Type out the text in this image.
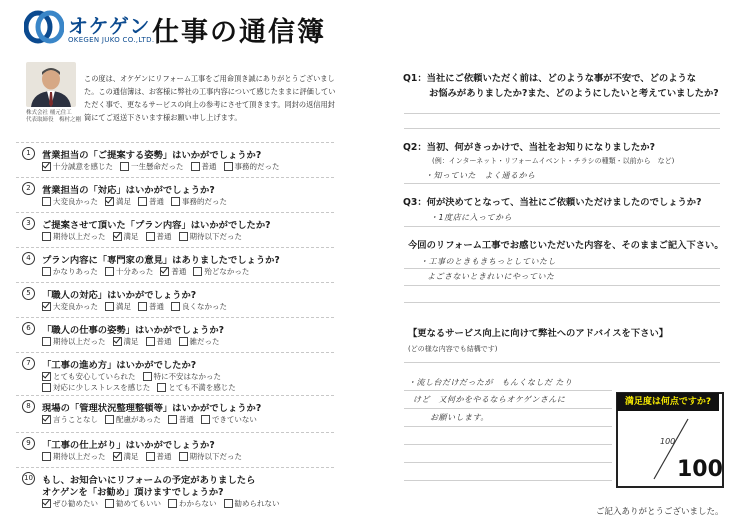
オケゲン
OKEGEN JUKO CO.,LTD.
仕事の通信簿
株式会社 桶元住工
代表取締役　梅村之剛
この度は、オケゲンにリフォーム工事をご用命頂き誠にありがとうございました。この通信簿は、お客様に弊社の工事内容について感じたままに評価していただく事で、更なるサービスの向上の参考にさせて頂きます。同封の返信用封筒にてご返送下さいます様お願い申し上げます。
1	営業担当の「ご提案する姿勢」はいかがでしょうか?
十分誠意を感じた 一生懸命だった 普通 事務的だった
2	営業担当の「対応」はいかがでしょうか?
大変良かった 満足 普通 事務的だった
3	ご提案させて頂いた「プラン内容」はいかがでしたか?
期待以上だった 満足 普通 期待以下だった
4	プラン内容に「専門家の意見」はありましたでしょうか?
かなりあった 十分あった 普通 殆どなかった
5	「職人の対応」はいかがでしょうか?
大変良かった 満足 普通 良くなかった
6	「職人の仕事の姿勢」はいかがでしょうか?
期待以上だった 満足 普通 雑だった
7	「工事の進め方」はいかがでしたか?
とても安心していられた 特に不安はなかった
対応に少しストレスを感じた とても不満を感じた
8	現場の「管理状況整理整頓等」はいかがでしょうか?
言うことなし 配慮があった 普通 できていない
9	「工事の仕上がり」はいかがでしょうか?
期待以上だった 満足 普通 期待以下だった
10 もし、お知合いにリフォームの予定がありましたら
オケゲンを「お勧め」頂けますでしょうか?
ぜひ勧めたい 勧めてもいい わからない 勧められない
Q1：当社にご依頼いただく前は、どのような事が不安で、どのような
お悩みがありましたか?また、どのようにしたいと考えていましたか?
Q2：当初、何がきっかけで、当社をお知りになりましたか?
(例：インターネット・リフォームイベント・チラシの種類・以前から　など)
・知っていた　よく通るから
Q3：何が決めてとなって、当社にご依頼いただけましたのでしょうか?
・1度店に入ってから
今回のリフォーム工事でお感じいただいた内容を、そのままご記入下さい。
・工事のときもきちっとしていたし
よごさないときれいにやっていた
【更なるサービス向上に向けて弊社へのアドバイスを下さい】
(どの様な内容でも結構です)
・流し台だけだったが　もんくなしだ たり
けど　又何かをやるならオケゲンさんに
お願いします。
満足度は何点ですか?
100
100
ご記入ありがとうございました。
